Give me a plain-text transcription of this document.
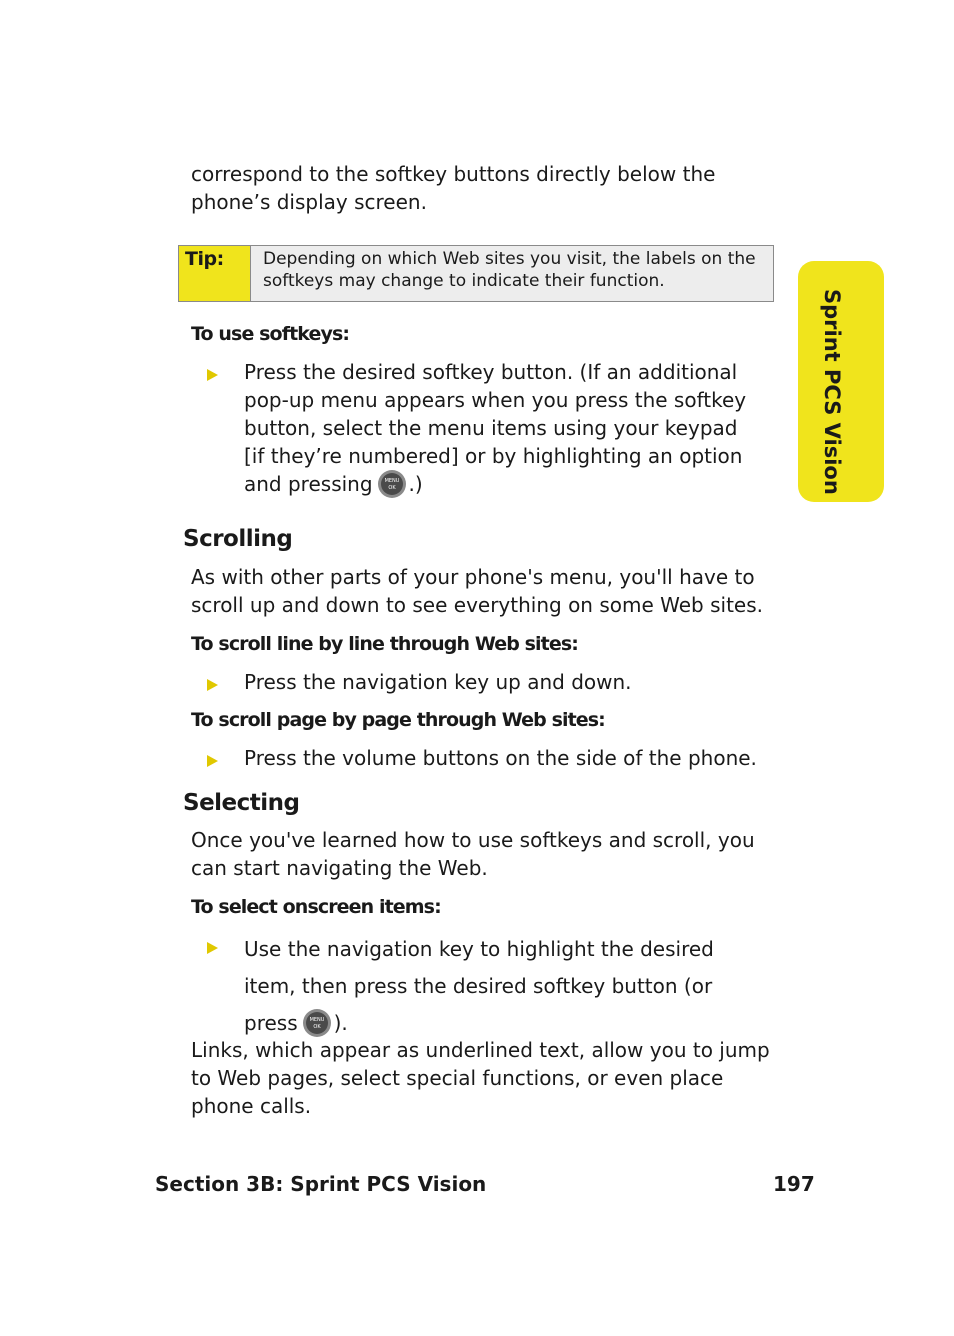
correspond to the softkey buttons directly below the phone’s display screen.

Tip: Depending on which Web sites you visit, the labels on the softkeys may change to indicate their function.
Sprint PCS Vision

To use softkeys:

Press the desired softkey button. (If an additional pop-up menu appears when you press the softkey button, select the menu items using your keypad [if they’re numbered] or by highlighting an option and pressing MENU
OK .)

Scrolling

As with other parts of your phone's menu, you'll have to scroll up and down to see everything on some Web sites.

To scroll line by line through Web sites:

Press the navigation key up and down.

To scroll page by page through Web sites:

Press the volume buttons on the side of the phone.

Selecting

Once you've learned how to use softkeys and scroll, you can start navigating the Web.

To select onscreen items:

Use the navigation key to highlight the desired item, then press the desired softkey button (or press MENU
OK ).

Links, which appear as underlined text, allow you to jump to Web pages, select special functions, or even place phone calls.

Section 3B: Sprint PCS Vision	197
